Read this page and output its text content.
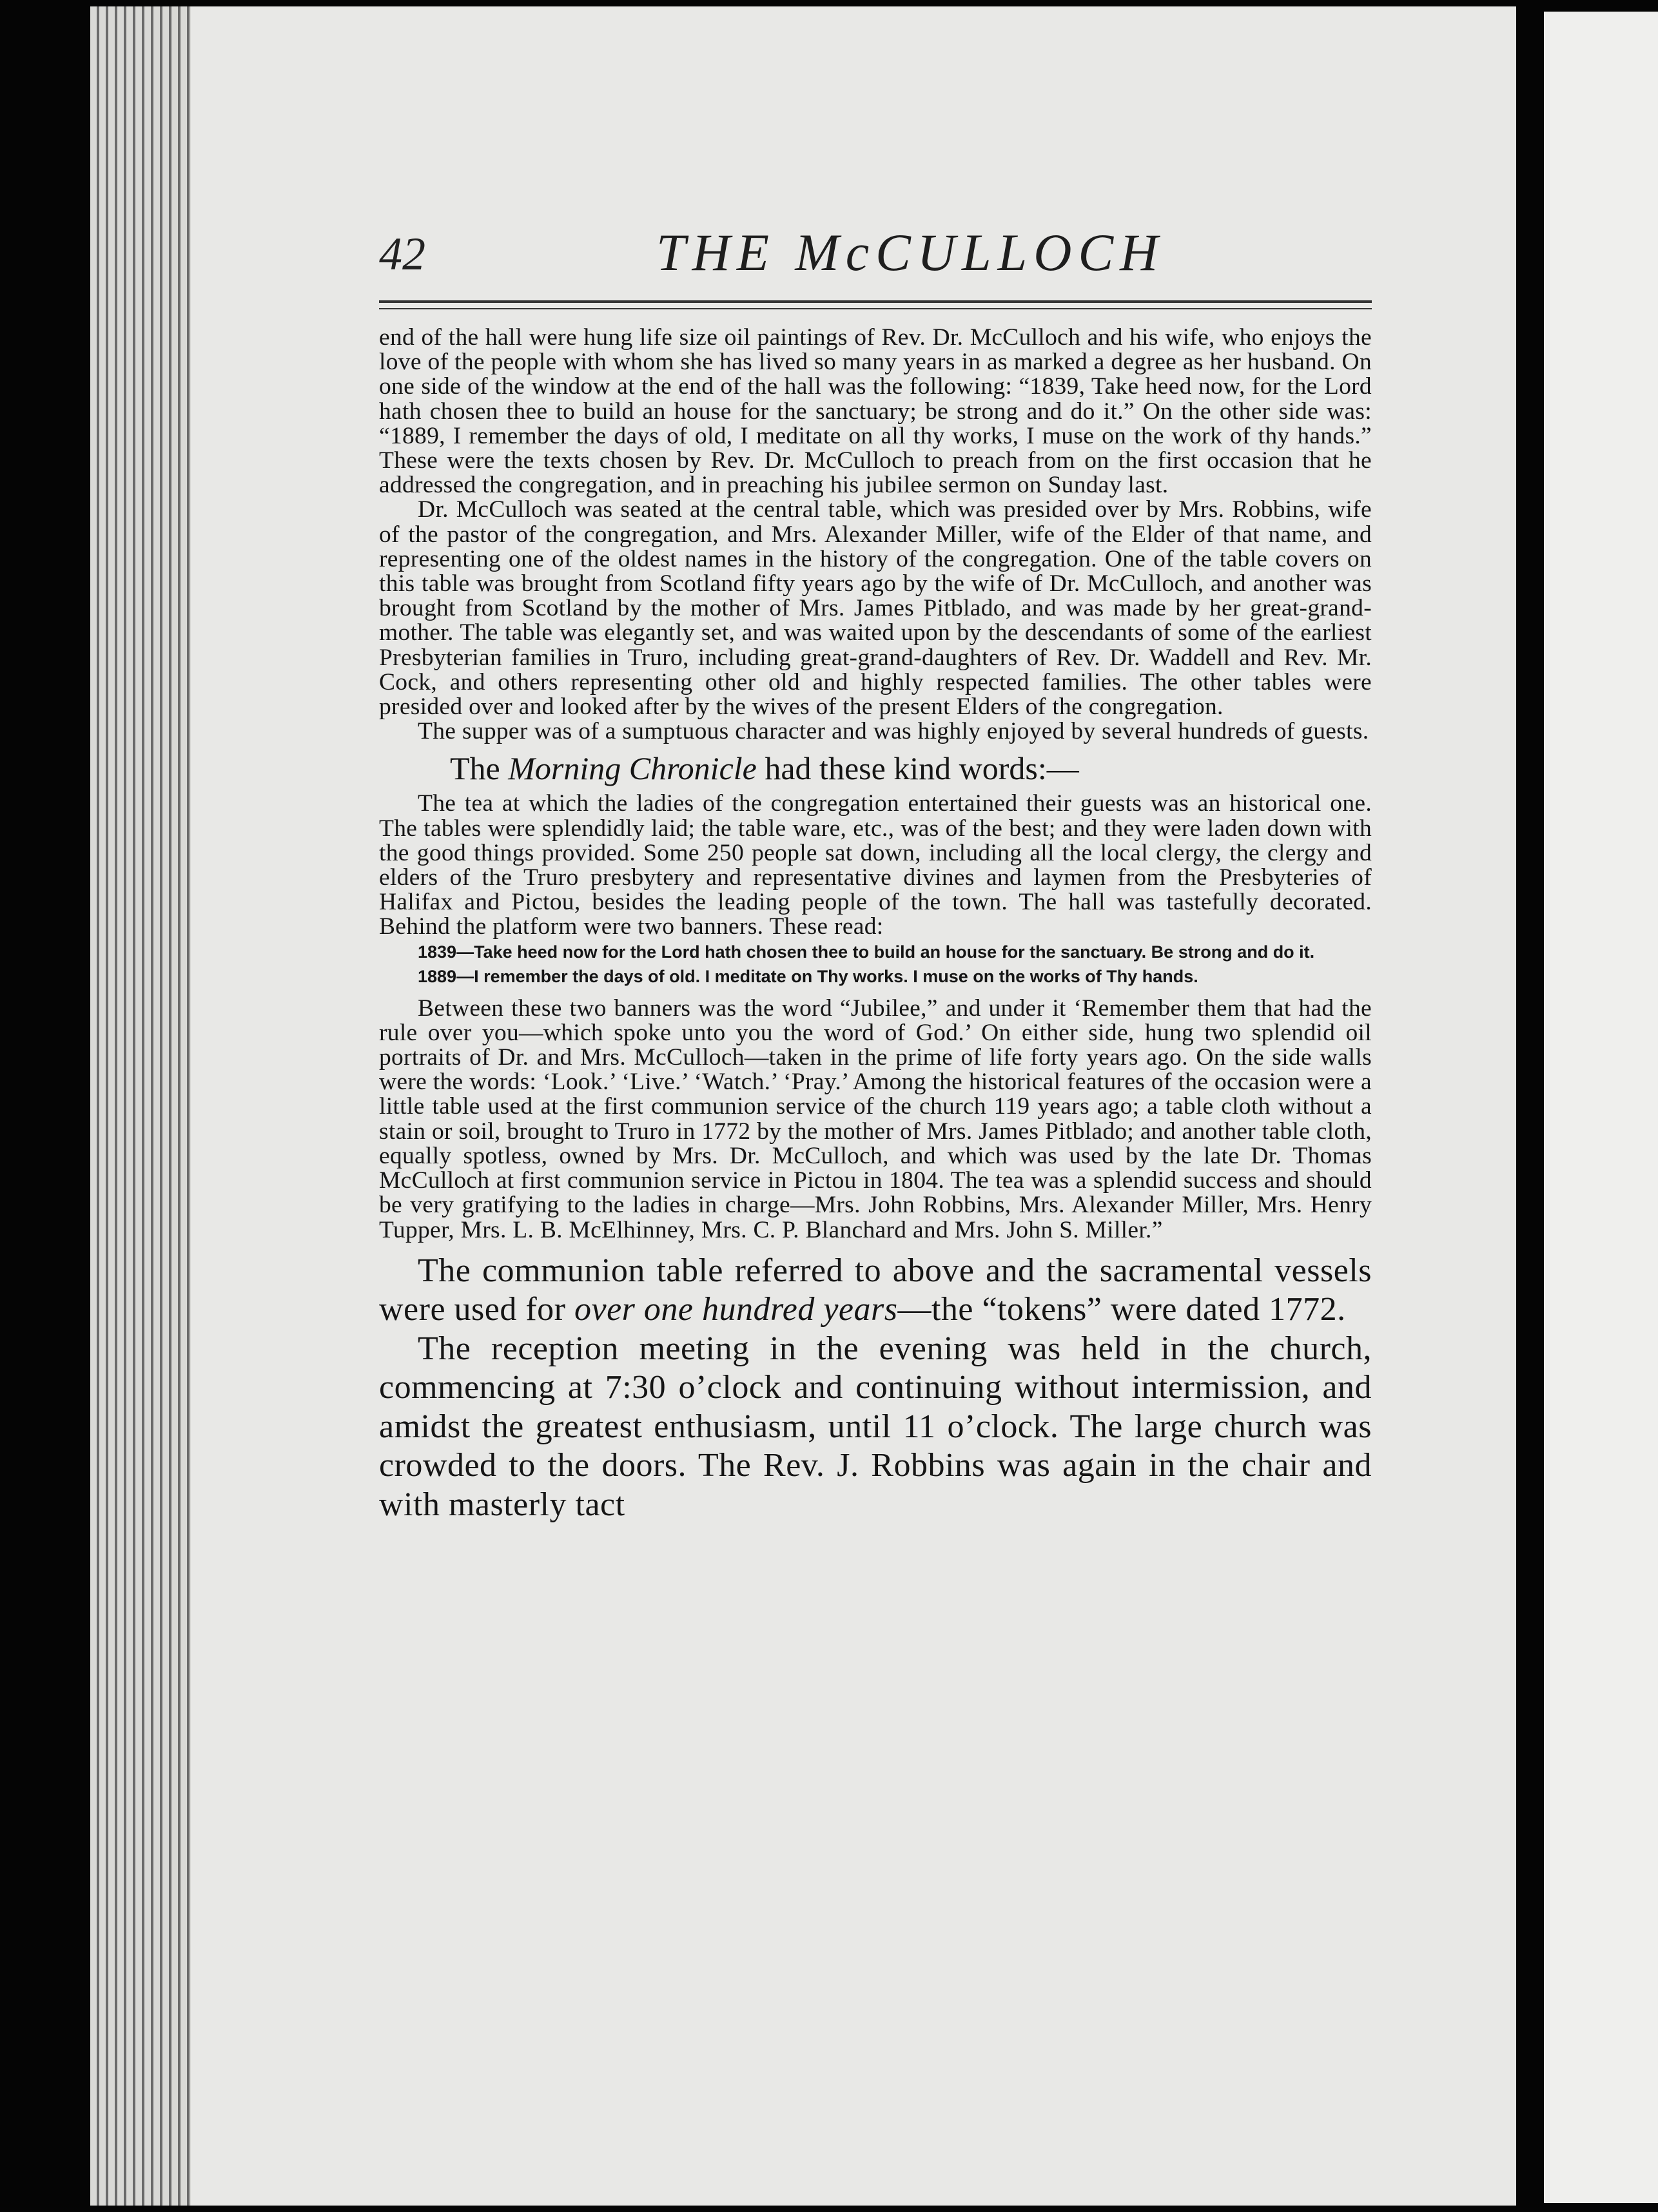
42	THE McCULLOCH

end of the hall were hung life size oil paintings of Rev. Dr. McCulloch and his wife, who enjoys the love of the people with whom she has lived so many years in as marked a degree as her husband. On one side of the window at the end of the hall was the following: “1839, Take heed now, for the Lord hath chosen thee to build an house for the sanctuary; be strong and do it.” On the other side was: “1889, I remember the days of old, I meditate on all thy works, I muse on the work of thy hands.” These were the texts chosen by Rev. Dr. McCulloch to preach from on the first occasion that he addressed the congregation, and in preaching his jubilee sermon on Sunday last.

Dr. McCulloch was seated at the central table, which was presided over by Mrs. Robbins, wife of the pastor of the congregation, and Mrs. Alexander Miller, wife of the Elder of that name, and representing one of the oldest names in the history of the congregation. One of the table covers on this table was brought from Scotland fifty years ago by the wife of Dr. McCulloch, and another was brought from Scotland by the mother of Mrs. James Pitblado, and was made by her great-grand-mother. The table was elegantly set, and was waited upon by the descendants of some of the earliest Presbyterian families in Truro, including great-grand-daughters of Rev. Dr. Waddell and Rev. Mr. Cock, and others representing other old and highly respected families. The other tables were presided over and looked after by the wives of the present Elders of the congregation.

The supper was of a sumptuous character and was highly enjoyed by several hundreds of guests.

The Morning Chronicle had these kind words:—

The tea at which the ladies of the congregation entertained their guests was an historical one. The tables were splendidly laid; the table ware, etc., was of the best; and they were laden down with the good things provided. Some 250 people sat down, including all the local clergy, the clergy and elders of the Truro presbytery and representative divines and laymen from the Presbyteries of Halifax and Pictou, besides the leading people of the town. The hall was tastefully decorated. Behind the platform were two banners. These read:

1839—Take heed now for the Lord hath chosen thee to build an house for the sanctuary. Be strong and do it.

1889—I remember the days of old. I meditate on Thy works. I muse on the works of Thy hands.

Between these two banners was the word “Jubilee,” and under it ‘Remember them that had the rule over you—which spoke unto you the word of God.’ On either side, hung two splendid oil portraits of Dr. and Mrs. McCulloch—taken in the prime of life forty years ago. On the side walls were the words: ‘Look.’ ‘Live.’ ‘Watch.’ ‘Pray.’ Among the historical features of the occasion were a little table used at the first communion service of the church 119 years ago; a table cloth without a stain or soil, brought to Truro in 1772 by the mother of Mrs. James Pitblado; and another table cloth, equally spotless, owned by Mrs. Dr. McCulloch, and which was used by the late Dr. Thomas McCulloch at first communion service in Pictou in 1804. The tea was a splendid success and should be very gratifying to the ladies in charge—Mrs. John Robbins, Mrs. Alexander Miller, Mrs. Henry Tupper, Mrs. L. B. McElhinney, Mrs. C. P. Blanchard and Mrs. John S. Miller.”

The communion table referred to above and the sacramental vessels were used for over one hundred years—the “tokens” were dated 1772.

The reception meeting in the evening was held in the church, commencing at 7:30 o’clock and continuing without intermission, and amidst the greatest enthusiasm, until 11 o’clock. The large church was crowded to the doors. The Rev. J. Robbins was again in the chair and with masterly tact
